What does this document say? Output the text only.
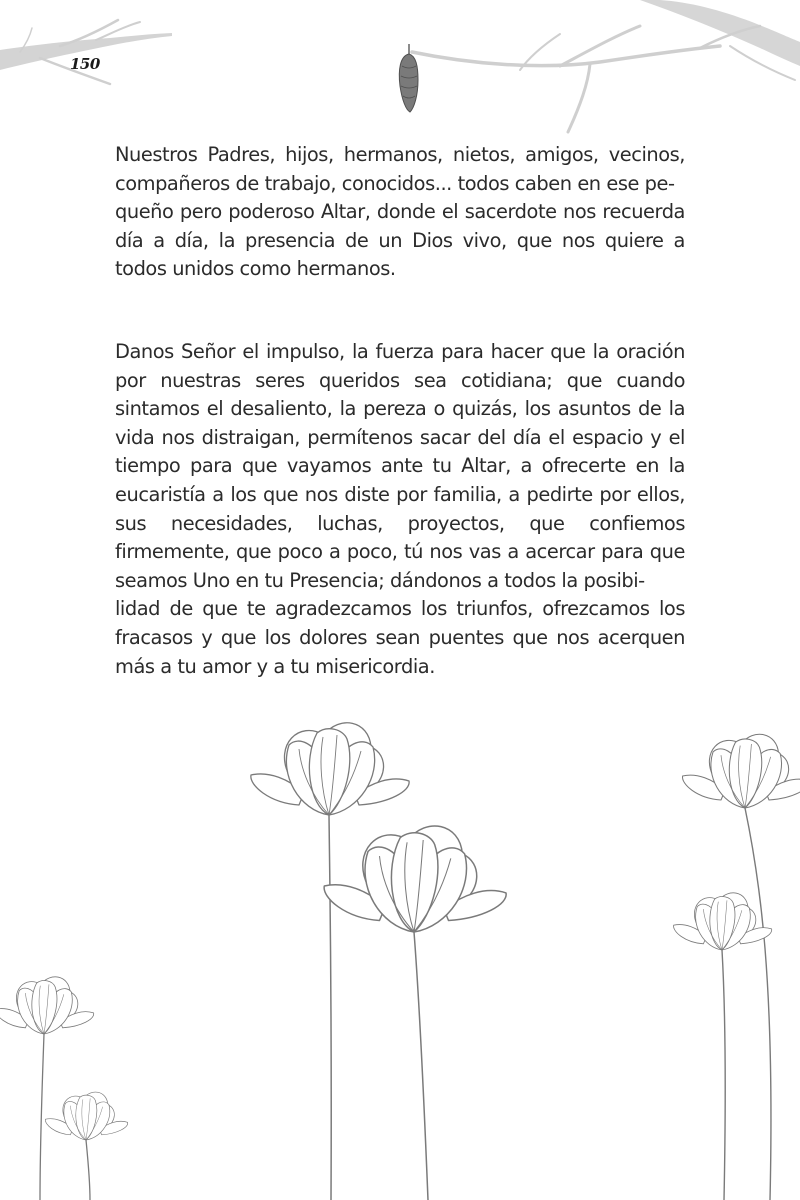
150
Nuestros Padres, hijos, hermanos, nietos, amigos, vecinos, compañeros de trabajo, conocidos... todos caben en ese pe-
queño pero poderoso Altar, donde el sacerdote nos recuerda día a día, la presencia de un Dios vivo, que nos quiere a todos unidos como hermanos.
Danos Señor el impulso, la fuerza para hacer que la oración por nuestras seres queridos sea cotidiana; que cuando sintamos el desaliento, la pereza o quizás, los asuntos de la vida nos distraigan, permítenos sacar del día el espacio y el tiempo para que vayamos ante tu Altar, a ofrecerte en la eucaristía a los que nos diste por familia, a pedirte por ellos, sus necesidades, luchas, proyectos, que confiemos firmemente, que poco a poco, tú nos vas a acercar para que seamos Uno en tu Presencia; dándonos a todos la posibi-
lidad de que te agradezcamos los triunfos, ofrezcamos los fracasos y que los dolores sean puentes que nos acerquen más a tu amor y a tu misericordia.
